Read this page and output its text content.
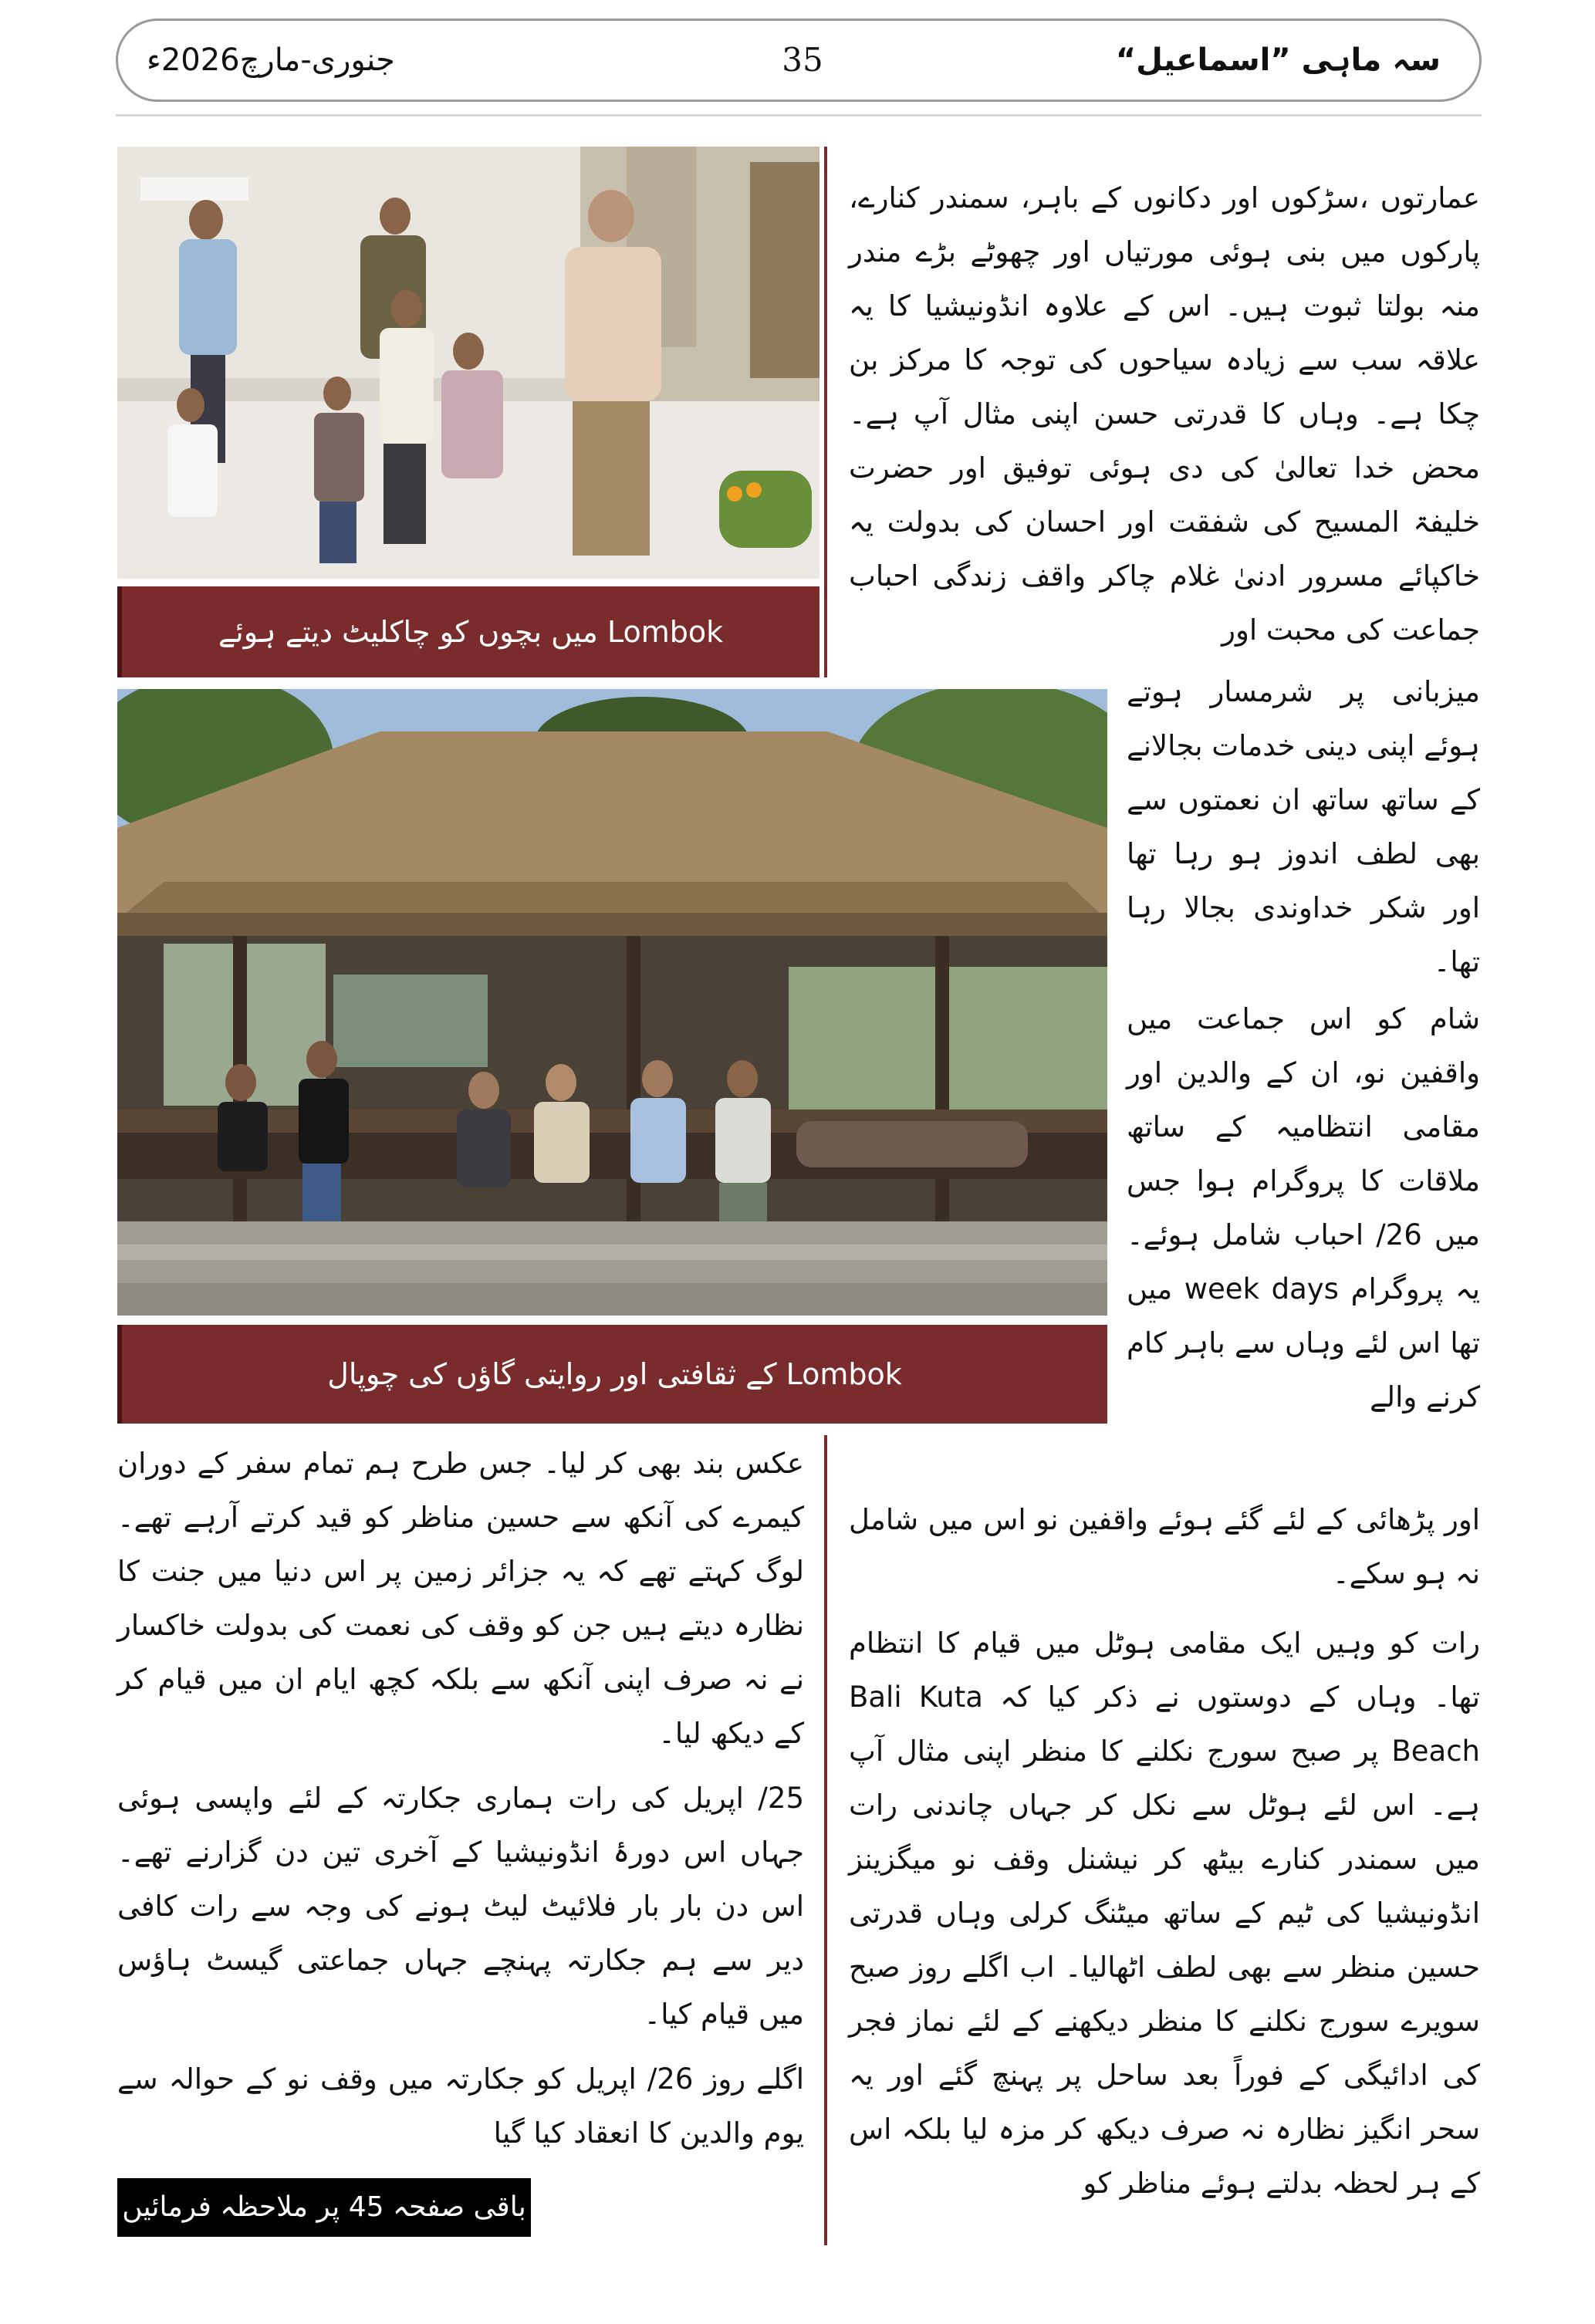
سہ ماہی ”اسماعیل“
35
جنوری-مارچ2026ء
Lombok میں بچوں کو چاکلیٹ دیتے ہوئے
Lombok کے ثقافتی اور روایتی گاؤں کی چوپال

عمارتوں ،سڑکوں اور دکانوں کے باہر، سمندر کنارے، پارکوں میں بنی ہوئی مورتیاں اور چھوٹے بڑے مندر منہ بولتا ثبوت ہیں۔ اس کے علاوہ انڈونیشیا کا یہ علاقہ سب سے زیادہ سیاحوں کی توجہ کا مرکز بن چکا ہے۔ وہاں کا قدرتی حسن اپنی مثال آپ ہے۔ محض خدا تعالیٰ کی دی ہوئی توفیق اور حضرت خلیفۃ المسیح کی شفقت اور احسان کی بدولت یہ خاکپائے مسرور ادنیٰ غلام چاکر واقف زندگی احباب جماعت کی محبت اور

میزبانی پر شرمسار ہوتے ہوئے اپنی دینی خدمات بجالانے کے ساتھ ساتھ ان نعمتوں سے بھی لطف اندوز ہو رہا تھا اور شکر خداوندی بجالا رہا تھا۔

شام کو اس جماعت میں واقفین نو، ان کے والدین اور مقامی انتظامیہ کے ساتھ ملاقات کا پروگرام ہوا جس میں 26/ احباب شامل ہوئے۔ یہ پروگرام week days میں تھا اس لئے وہاں سے باہر کام کرنے والے

اور پڑھائی کے لئے گئے ہوئے واقفین نو اس میں شامل نہ ہو سکے۔

رات کو وہیں ایک مقامی ہوٹل میں قیام کا انتظام تھا۔ وہاں کے دوستوں نے ذکر کیا کہ Bali Kuta Beach پر صبح سورج نکلنے کا منظر اپنی مثال آپ ہے۔ اس لئے ہوٹل سے نکل کر جہاں چاندنی رات میں سمندر کنارے بیٹھ کر نیشنل وقف نو میگزینز انڈونیشیا کی ٹیم کے ساتھ میٹنگ کرلی وہاں قدرتی حسین منظر سے بھی لطف اٹھالیا۔ اب اگلے روز صبح سویرے سورج نکلنے کا منظر دیکھنے کے لئے نماز فجر کی ادائیگی کے فوراً بعد ساحل پر پہنچ گئے اور یہ سحر انگیز نظارہ نہ صرف دیکھ کر مزہ لیا بلکہ اس کے ہر لحظہ بدلتے ہوئے مناظر کو

عکس بند بھی کر لیا۔ جس طرح ہم تمام سفر کے دوران کیمرے کی آنکھ سے حسین مناظر کو قید کرتے آرہے تھے۔ لوگ کہتے تھے کہ یہ جزائر زمین پر اس دنیا میں جنت کا نظارہ دیتے ہیں جن کو وقف کی نعمت کی بدولت خاکسار نے نہ صرف اپنی آنکھ سے بلکہ کچھ ایام ان میں قیام کر کے دیکھ لیا۔

25/ اپریل کی رات ہماری جکارتہ کے لئے واپسی ہوئی جہاں اس دورۂ انڈونیشیا کے آخری تین دن گزارنے تھے۔ اس دن بار بار فلائیٹ لیٹ ہونے کی وجہ سے رات کافی دیر سے ہم جکارتہ پہنچے جہاں جماعتی گیسٹ ہاؤس میں قیام کیا۔

اگلے روز 26/ اپریل کو جکارتہ میں وقف نو کے حوالہ سے یوم والدین کا انعقاد کیا گیا

باقی صفحہ 45 پر ملاحظہ فرمائیں
